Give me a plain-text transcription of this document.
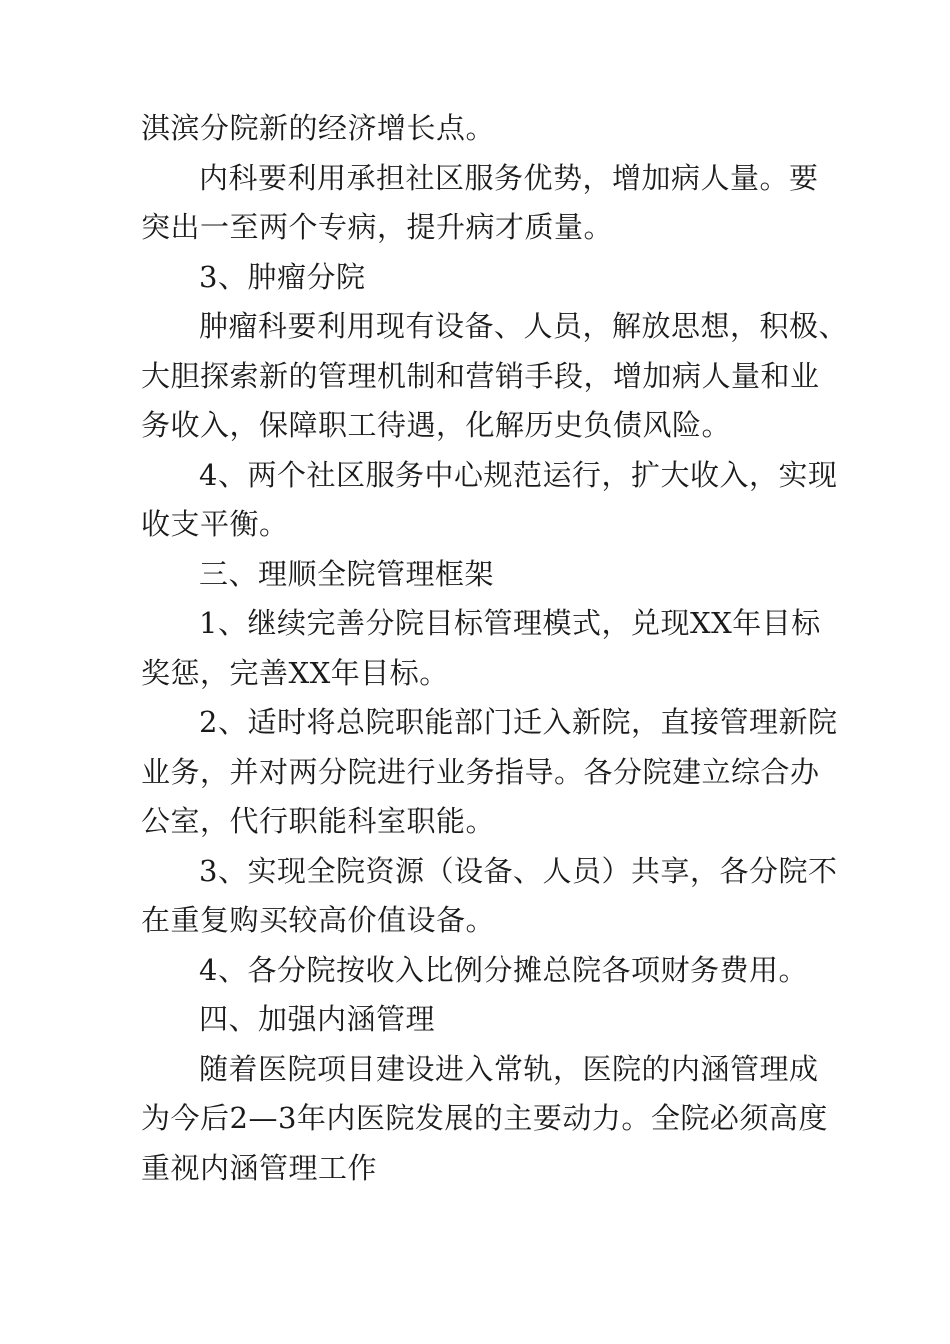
淇滨分院新的经济增长点。

内科要利用承担社区服务优势，增加病人量。要
突出一至两个专病，提升病才质量。

3、肿瘤分院

肿瘤科要利用现有设备、人员，解放思想，积极、
大胆探索新的管理机制和营销手段，增加病人量和业
务收入，保障职工待遇，化解历史负债风险。

4、两个社区服务中心规范运行，扩大收入，实现
收支平衡。

三、理顺全院管理框架

1、继续完善分院目标管理模式，兑现XX年目标
奖惩，完善XX年目标。

2、适时将总院职能部门迁入新院，直接管理新院
业务，并对两分院进行业务指导。各分院建立综合办
公室，代行职能科室职能。

3、实现全院资源（设备、人员）共享，各分院不
在重复购买较高价值设备。

4、各分院按收入比例分摊总院各项财务费用。

四、加强内涵管理

随着医院项目建设进入常轨，医院的内涵管理成
为今后2—3年内医院发展的主要动力。全院必须高度
重视内涵管理工作
